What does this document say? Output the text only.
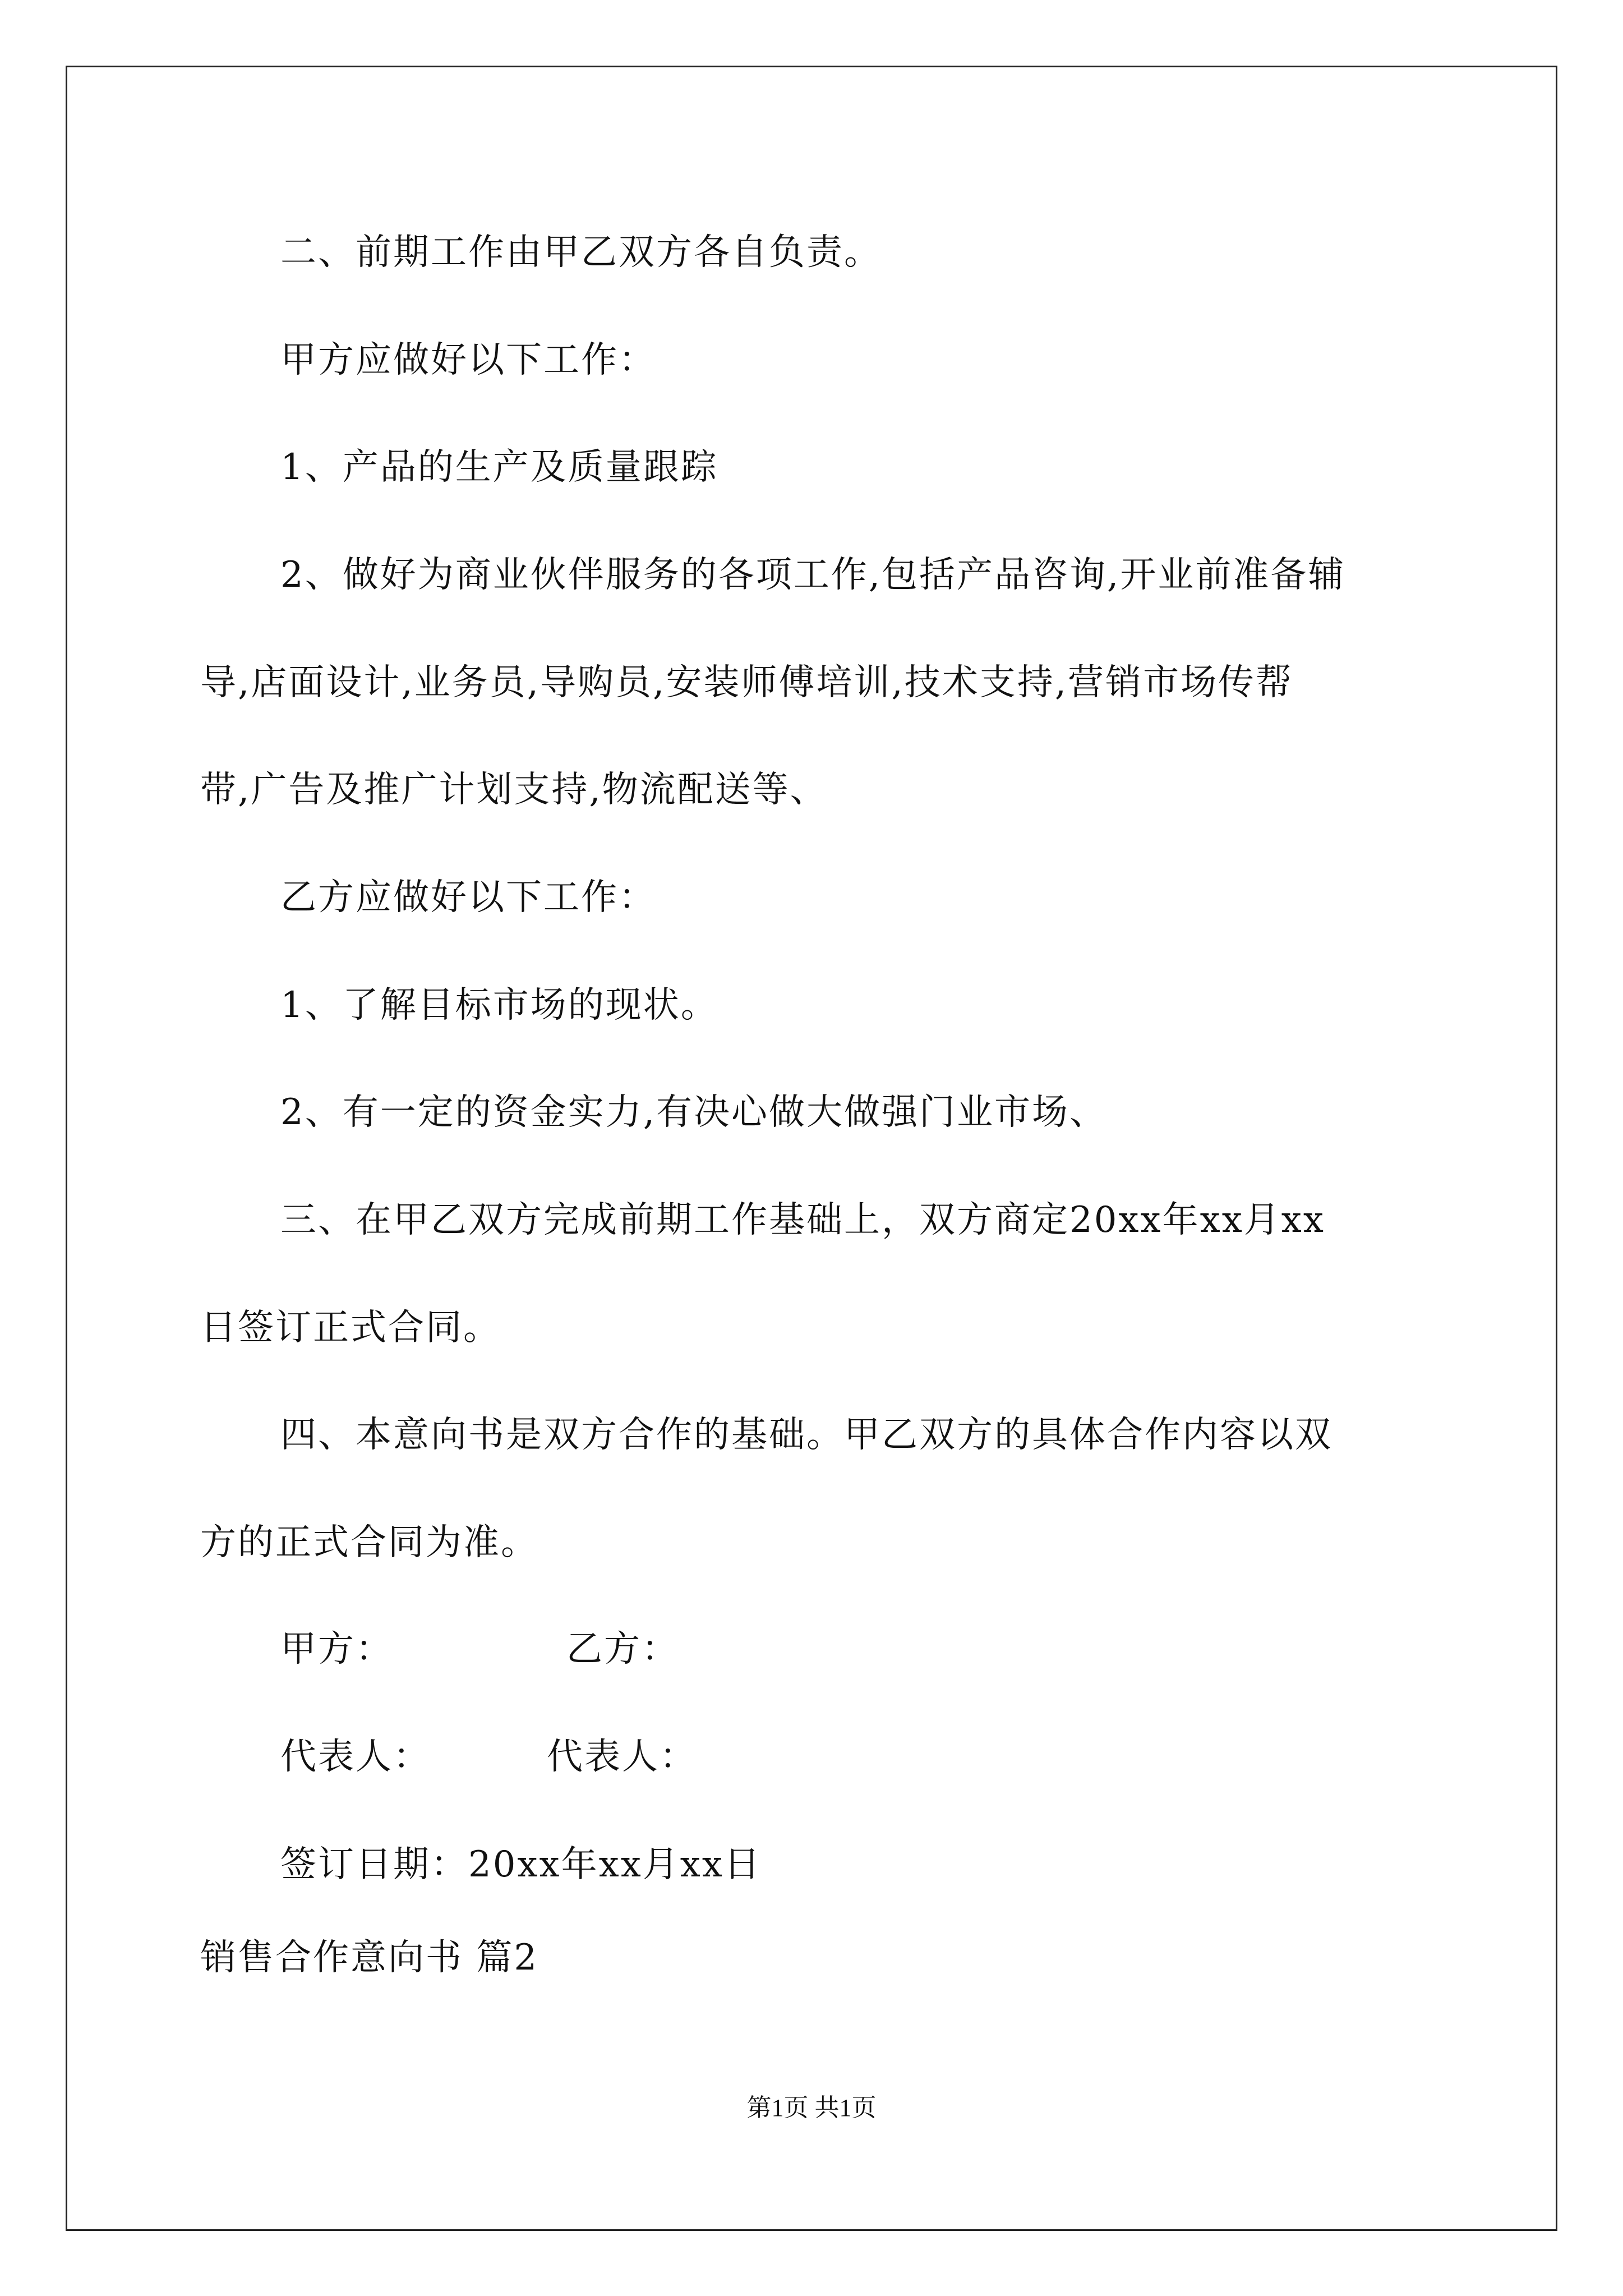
二、前期工作由甲乙双方各自负责。
甲方应做好以下工作：
1、产品的生产及质量跟踪
2、做好为商业伙伴服务的各项工作,包括产品咨询,开业前准备辅
导,店面设计,业务员,导购员,安装师傅培训,技术支持,营销市场传帮
带,广告及推广计划支持,物流配送等、
乙方应做好以下工作：
1、了解目标市场的现状。
2、有一定的资金实力,有决心做大做强门业市场、
三、在甲乙双方完成前期工作基础上，双方商定20xx年xx月xx
日签订正式合同。
四、本意向书是双方合作的基础。甲乙双方的具体合作内容以双
方的正式合同为准。
甲方：	乙方：
代表人：	代表人：
签订日期：20xx年xx月xx日
销售合作意向书 篇2
第1页 共1页
